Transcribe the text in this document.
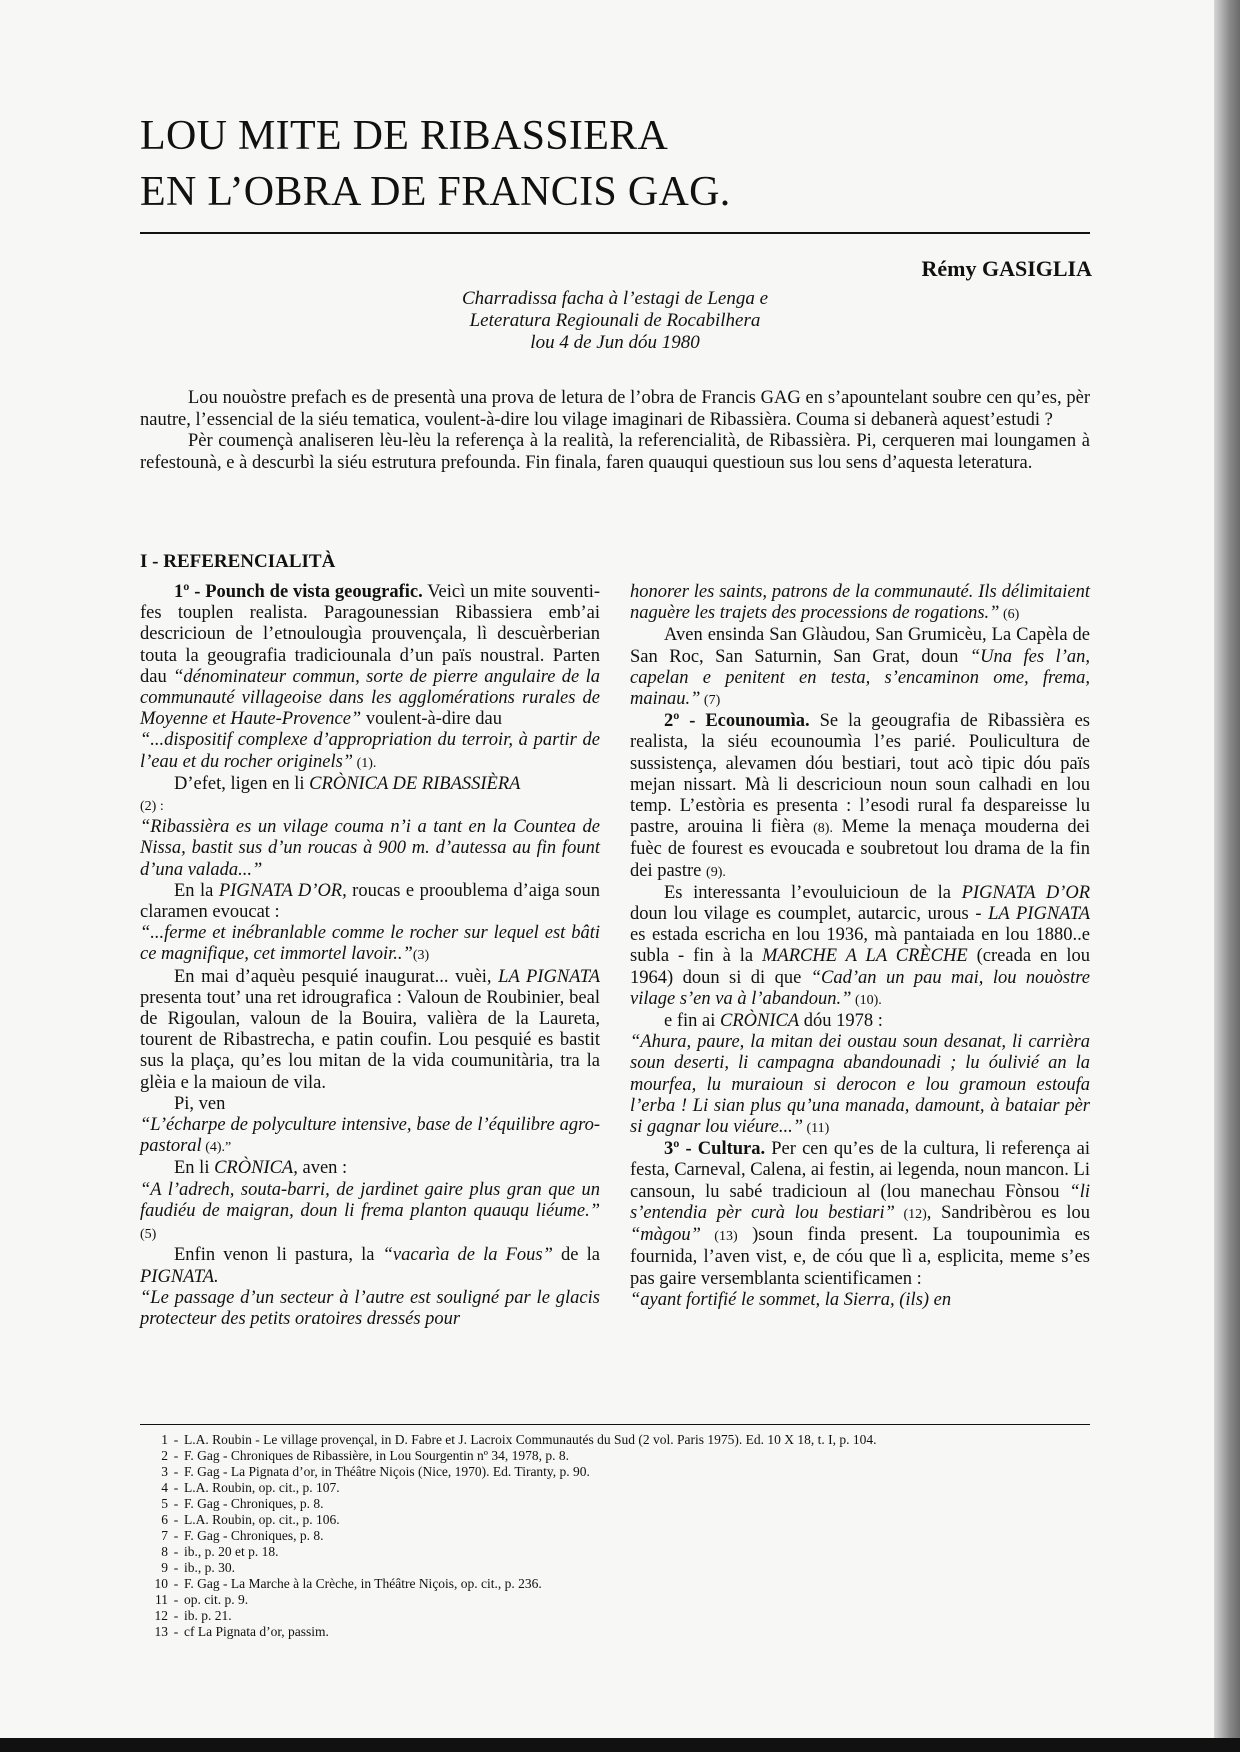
LOU MITE DE RIBASSIERA
EN L’OBRA DE FRANCIS GAG.
Rémy GASIGLIA
Charradissa facha à l’estagi de Lenga e
Leteratura Regiounali de Rocabilhera
lou 4 de Jun dóu 1980

Lou nouòstre prefach es de presentà una prova de letura de l’obra de Francis GAG en s’apountelant soubre cen qu’es, pèr nautre, l’essencial de la siéu tematica, voulent-à-dire lou vilage imaginari de Ribassièra. Couma si debanerà aquest’estudi ?

Pèr coumençà analiseren lèu-lèu la referença à la realità, la referencialità, de Ribassièra. Pi, cerqueren mai loungamen à refestounà, e à descurbì la siéu estrutura prefounda. Fin finala, faren quauqui questioun sus lou sens d’aquesta leteratura.

I - REFERENCIALITÀ

1º - Pounch de vista geougrafic. Veicì un mite souventi-fes touplen realista. Paragounessian Ribassiera emb’ai descricioun de l’etnoulougìa prouvençala, lì descuèrberian touta la geougrafia tradiciounala d’un païs noustral. Parten dau “dénominateur commun, sorte de pierre angulaire de la communauté villageoise dans les agglomérations rurales de Moyenne et Haute-Provence” voulent-à-dire dau

“...dispositif complexe d’appropriation du terroir, à partir de l’eau et du rocher originels” (1).

D’efet, ligen en li CRÒNICA DE RIBASSIÈRA

(2) :

“Ribassièra es un vilage couma n’i a tant en la Countea de Nissa, bastit sus d’un roucas à 900 m. d’autessa au fin fount d’una valada...”

En la PIGNATA D’OR, roucas e prooublema d’aiga soun claramen evoucat :

“...ferme et inébranlable comme le rocher sur lequel est bâti ce magnifique, cet immortel lavoir..”(3)

En mai d’aquèu pesquié inaugurat... vuèi, LA PIGNATA presenta tout’ una ret idrougrafica : Valoun de Roubinier, beal de Rigoulan, valoun de la Bouira, valièra de la Laureta, tourent de Ribastrecha, e patin coufin. Lou pesquié es bastit sus la plaça, qu’es lou mitan de la vida coumunitària, tra la glèia e la maioun de vila.

Pi, ven

“L’écharpe de polyculture intensive, base de l’équilibre agro-pastoral (4).”

En li CRÒNICA, aven :

“A l’adrech, souta-barri, de jardinet gaire plus gran que un faudiéu de maigran, doun li frema planton quauqu liéume.” (5)

Enfin venon li pastura, la “vacarìa de la Fous” de la PIGNATA.

“Le passage d’un secteur à l’autre est souligné par le glacis protecteur des petits oratoires dressés pour

honorer les saints, patrons de la communauté. Ils délimitaient naguère les trajets des processions de rogations.” (6)

Aven ensinda San Glàudou, San Grumicèu, La Capèla de San Roc, San Saturnin, San Grat, doun “Una fes l’an, capelan e penitent en testa, s’encaminon ome, frema, mainau.” (7)

2º - Ecounoumìa. Se la geougrafia de Ribassièra es realista, la siéu ecounoumìa l’es parié. Poulicultura de sussistença, alevamen dóu bestiari, tout acò tipic dóu païs mejan nissart. Mà li descricioun noun soun calhadi en lou temp. L’estòria es presenta : l’esodi rural fa despareisse lu pastre, arouina li fièra (8). Meme la menaça mouderna dei fuèc de fourest es evoucada e soubretout lou drama de la fin dei pastre (9).

Es interessanta l’evouluicioun de la PIGNATA D’OR doun lou vilage es coumplet, autarcic, urous - LA PIGNATA es estada escricha en lou 1936, mà pantaiada en lou 1880..e subla - fin à la MARCHE A LA CRÈCHE (creada en lou 1964) doun si di que “Cad’an un pau mai, lou nouòstre vilage s’en va à l’abandoun.” (10).

e fin ai CRÒNICA dóu 1978 :

“Ahura, paure, la mitan dei oustau soun desanat, li carrièra soun deserti, li campagna abandounadi ; lu óulivié an la mourfea, lu muraioun si derocon e lou gramoun estoufa l’erba ! Li sian plus qu’una manada, damount, à bataiar pèr si gagnar lou viéure...” (11)

3º - Cultura. Per cen qu’es de la cultura, li referença ai festa, Carneval, Calena, ai festin, ai legenda, noun mancon. Li cansoun, lu sabé tradicioun al (lou manechau Fònsou “li s’entendia pèr curà lou bestiari” (12), Sandribèrou es lou “màgou” (13) )soun finda present. La toupounimìa es fournida, l’aven vist, e, de cóu que lì a, esplicita, meme s’es pas gaire versemblanta scientificamen :

“ayant fortifié le sommet, la Sierra, (ils) en

1 - L.A. Roubin - Le village provençal, in D. Fabre et J. Lacroix Communautés du Sud (2 vol. Paris 1975). Ed. 10 X 18, t. I, p. 104.
2 - F. Gag - Chroniques de Ribassière, in Lou Sourgentin nº 34, 1978, p. 8.
3 - F. Gag - La Pignata d’or, in Théâtre Niçois (Nice, 1970). Ed. Tiranty, p. 90.
4 - L.A. Roubin, op. cit., p. 107.
5 - F. Gag - Chroniques, p. 8.
6 - L.A. Roubin, op. cit., p. 106.
7 - F. Gag - Chroniques, p. 8.
8 - ib., p. 20 et p. 18.
9 - ib., p. 30.
10 - F. Gag - La Marche à la Crèche, in Théâtre Niçois, op. cit., p. 236.
11 - op. cit. p. 9.
12 - ib. p. 21.
13 - cf La Pignata d’or, passim.
